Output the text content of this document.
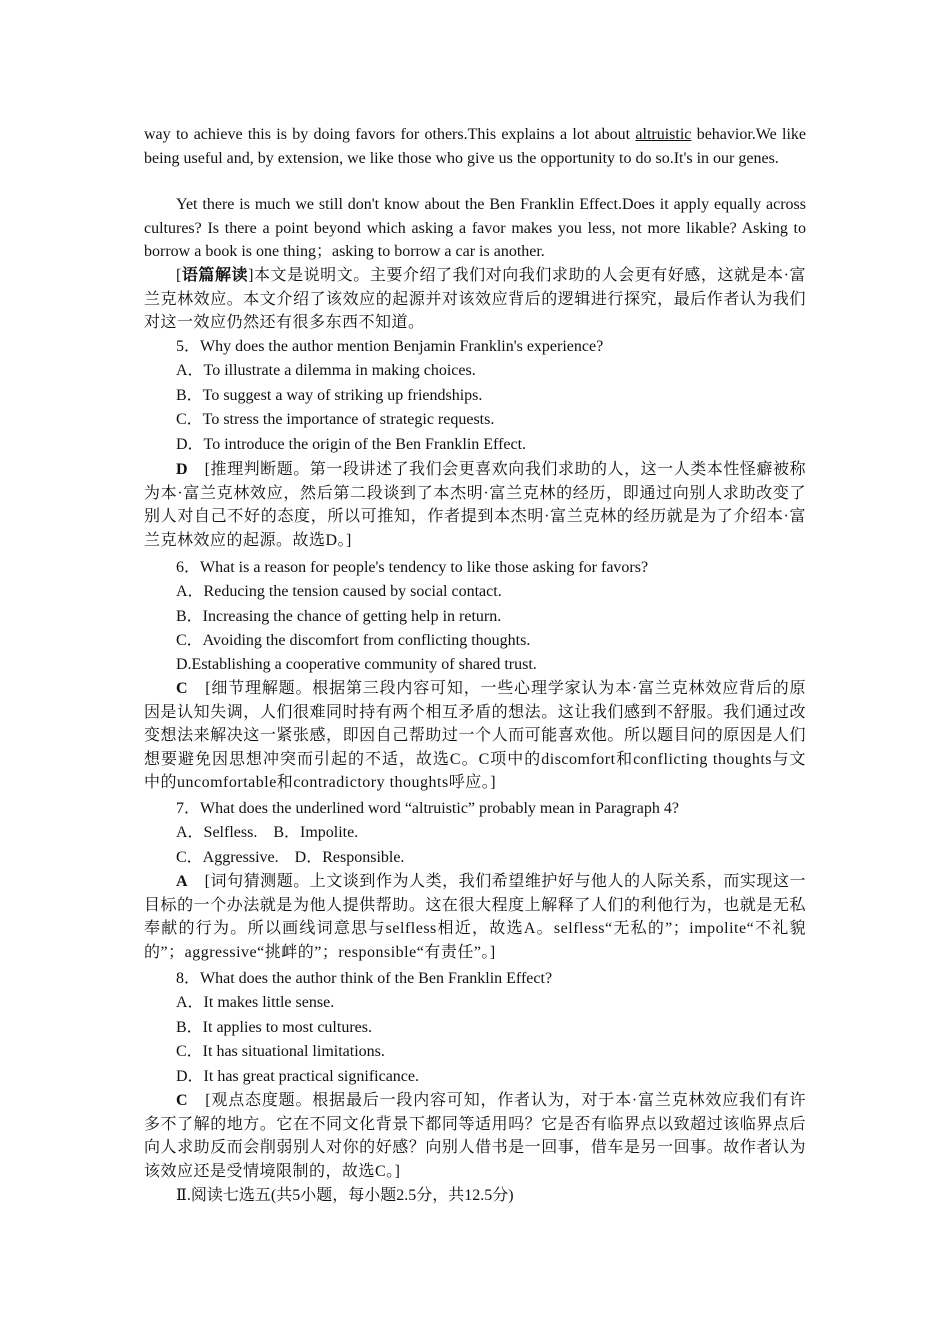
way to achieve this is by doing favors for others.This explains a lot about altruistic behavior.We like being useful and, by extension, we like those who give us the opportunity to do so.It's in our genes.
Yet there is much we still don't know about the Ben Franklin Effect.Does it apply equally across cultures? Is there a point beyond which asking a favor makes you less, not more likable? Asking to borrow a book is one thing；asking to borrow a car is another.
[语篇解读]本文是说明文。主要介绍了我们对向我们求助的人会更有好感，这就是本·富兰克林效应。本文介绍了该效应的起源并对该效应背后的逻辑进行探究，最后作者认为我们对这一效应仍然还有很多东西不知道。
5．Why does the author mention Benjamin Franklin's experience?
A．To illustrate a dilemma in making choices.
B．To suggest a way of striking up friendships.
C．To stress the importance of strategic requests.
D．To introduce the origin of the Ben Franklin Effect.
D　 [推理判断题。第一段讲述了我们会更喜欢向我们求助的人，这一人类本性怪癖被称为本·富兰克林效应，然后第二段谈到了本杰明·富兰克林的经历，即通过向别人求助改变了别人对自己不好的态度，所以可推知，作者提到本杰明·富兰克林的经历就是为了介绍本·富兰克林效应的起源。故选D。]
6．What is a reason for people's tendency to like those asking for favors?
A．Reducing the tension caused by social contact.
B．Increasing the chance of getting help in return.
C．Avoiding the discomfort from conflicting thoughts.
D.Establishing a cooperative community of shared trust.
C　 [细节理解题。根据第三段内容可知，一些心理学家认为本·富兰克林效应背后的原因是认知失调，人们很难同时持有两个相互矛盾的想法。这让我们感到不舒服。我们通过改变想法来解决这一紧张感，即因自己帮助过一个人而可能喜欢他。所以题目问的原因是人们想要避免因思想冲突而引起的不适，故选C。C项中的discomfort和conflicting thoughts与文中的uncomfortable和contradictory thoughts呼应。]
7．What does the underlined word “altruistic” probably mean in Paragraph 4?
A．Selfless.　B．Impolite.
C．Aggressive.　D．Responsible.
A　 [词句猜测题。上文谈到作为人类，我们希望维护好与他人的人际关系，而实现这一目标的一个办法就是为他人提供帮助。这在很大程度上解释了人们的利他行为，也就是无私奉献的行为。所以画线词意思与selfless相近，故选A。selfless“无私的”；impolite“不礼貌的”；aggressive“挑衅的”；responsible“有责任”。]
8．What does the author think of the Ben Franklin Effect?
A．It makes little sense.
B．It applies to most cultures.
C．It has situational limitations.
D．It has great practical significance.
C　 [观点态度题。根据最后一段内容可知，作者认为，对于本·富兰克林效应我们有许多不了解的地方。它在不同文化背景下都同等适用吗？它是否有临界点以致超过该临界点后向人求助反而会削弱别人对你的好感？向别人借书是一回事，借车是另一回事。故作者认为该效应还是受情境限制的，故选C。]
Ⅱ.阅读七选五(共5小题，每小题2.5分，共12.5分)
